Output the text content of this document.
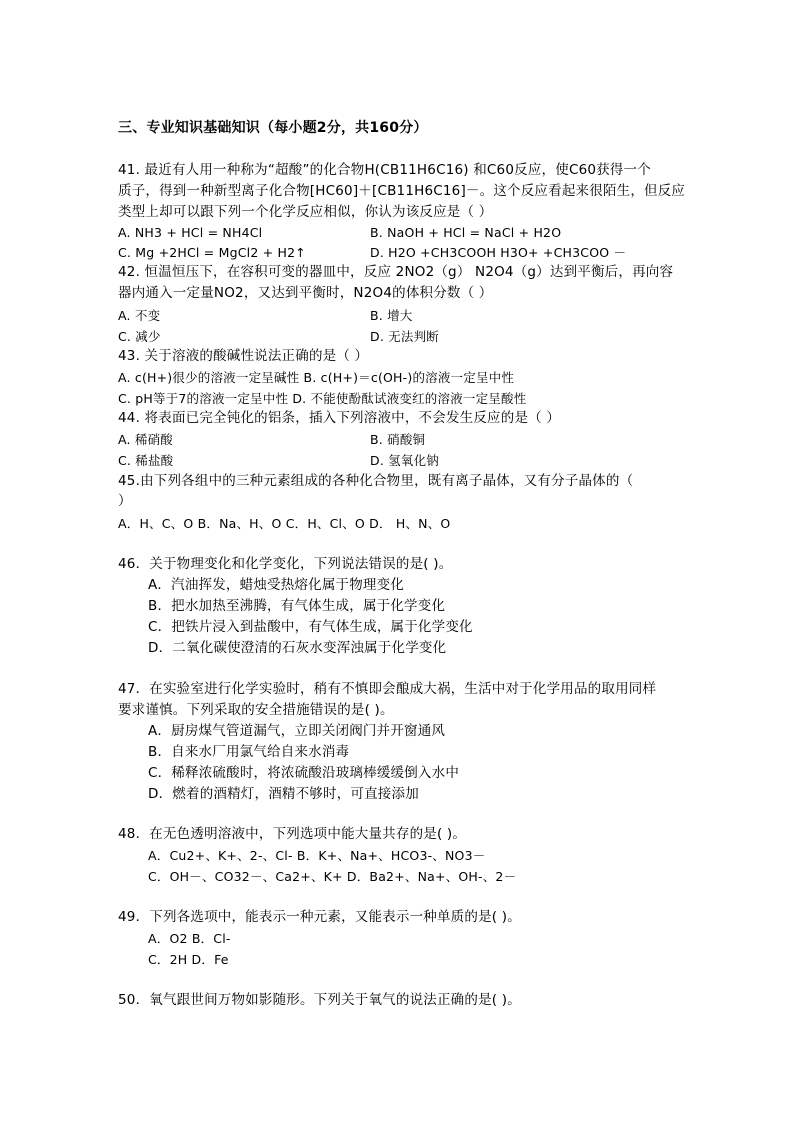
三、专业知识基础知识（每小题2分，共160分）
41. 最近有人用一种称为“超酸”的化合物H(CB11H6C16) 和C60反应，使C60获得一个
质子，得到一种新型离子化合物[HC60]＋[CB11H6C16]－。这个反应看起来很陌生，但反应
类型上却可以跟下列一个化学反应相似，你认为该反应是（ ）
A. NH3 + HCl = NH4Cl	B. NaOH + HCl = NaCl + H2O
C. Mg +2HCl = MgCl2 + H2↑	D. H2O +CH3COOH H3O+ +CH3COO －
42. 恒温恒压下，在容积可变的器皿中，反应 2NO2（g） N2O4（g）达到平衡后，再向容
器内通入一定量NO2，又达到平衡时，N2O4的体积分数（ ）
A. 不变	B. 增大
C. 减少	D. 无法判断
43. 关于溶液的酸碱性说法正确的是（ ）
A. c(H+)很少的溶液一定呈碱性 B. c(H+)＝c(OH-)的溶液一定呈中性
C. pH等于7的溶液一定呈中性 D. 不能使酚酞试液变红的溶液一定呈酸性
44. 将表面已完全钝化的铝条，插入下列溶液中，不会发生反应的是（ ）
A. 稀硝酸	B. 硝酸铜
C. 稀盐酸	D. 氢氧化钠
45.由下列各组中的三种元素组成的各种化合物里，既有离子晶体，又有分子晶体的（
）
A．H、C、O B．Na、H、O C．H、Cl、O D． H、N、O
46．关于物理变化和化学变化，下列说法错误的是( )。
A．汽油挥发，蜡烛受热熔化属于物理变化
B．把水加热至沸腾，有气体生成，属于化学变化
C．把铁片浸入到盐酸中，有气体生成，属于化学变化
D．二氧化碳使澄清的石灰水变浑浊属于化学变化
47．在实验室进行化学实验时，稍有不慎即会酿成大祸，生活中对于化学用品的取用同样
要求谨慎。下列采取的安全措施错误的是( )。
A．厨房煤气管道漏气，立即关闭阀门并开窗通风
B．自来水厂用氯气给自来水消毒
C．稀释浓硫酸时，将浓硫酸沿玻璃棒缓缓倒入水中
D．燃着的酒精灯，酒精不够时，可直接添加
48．在无色透明溶液中，下列选项中能大量共存的是( )。
A．Cu2+、K+、2-、Cl- B．K+、Na+、HCO3-、NO3－
C．OH－、CO32－、Ca2+、K+ D．Ba2+、Na+、OH-、2－
49．下列各选项中，能表示一种元素，又能表示一种单质的是( )。
A．O2 B．Cl-
C．2H D．Fe
50．氧气跟世间万物如影随形。下列关于氧气的说法正确的是( )。
